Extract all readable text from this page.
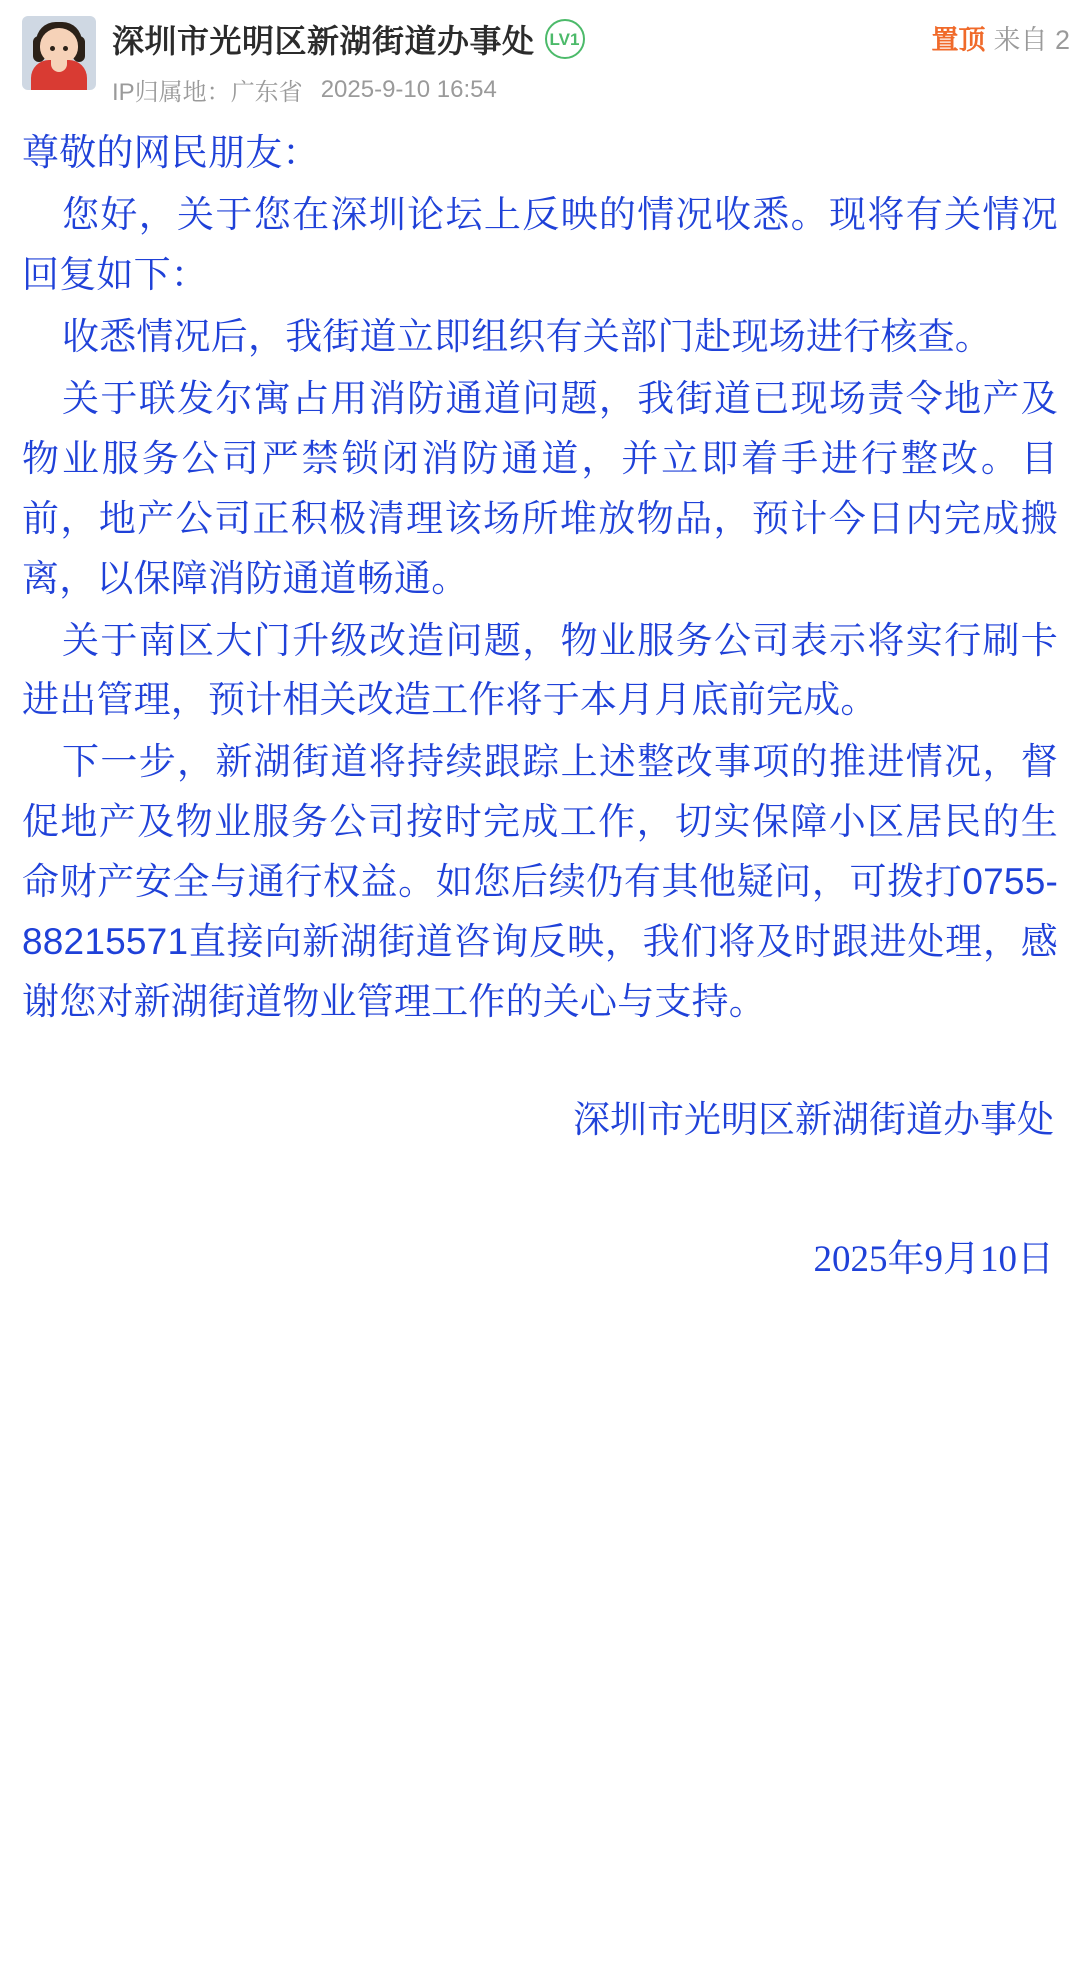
深圳市光明区新湖街道办事处 LV1
IP归属地：广东省 2025-9-10 16:54
置顶 来自 2

尊敬的网民朋友：

您好，关于您在深圳论坛上反映的情况收悉。现将有关情况回复如下：

收悉情况后，我街道立即组织有关部门赴现场进行核查。

关于联发尔寓占用消防通道问题，我街道已现场责令地产及物业服务公司严禁锁闭消防通道，并立即着手进行整改。目前，地产公司正积极清理该场所堆放物品，预计今日内完成搬离，以保障消防通道畅通。

关于南区大门升级改造问题，物业服务公司表示将实行刷卡进出管理，预计相关改造工作将于本月月底前完成。

下一步，新湖街道将持续跟踪上述整改事项的推进情况，督促地产及物业服务公司按时完成工作，切实保障小区居民的生命财产安全与通行权益。如您后续仍有其他疑问，可拨打0755-88215571直接向新湖街道咨询反映，我们将及时跟进处理，感谢您对新湖街道物业管理工作的关心与支持。

深圳市光明区新湖街道办事处
2025年9月10日
